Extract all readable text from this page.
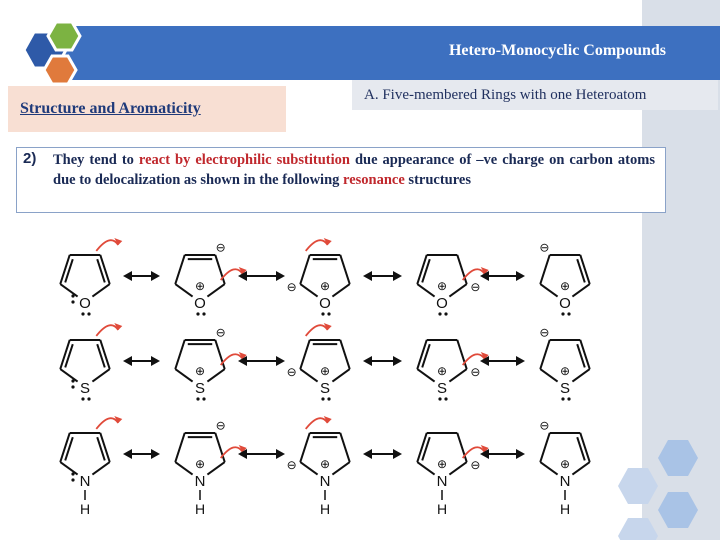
Hetero-Monocyclic Compounds
Structure and Aromaticity
A. Five-membered Rings with one Heteroatom
2) They tend to react by electrophilic substitution due appearance of –ve charge on carbon atoms due to delocalization as shown in the following resonance structures
O	O
⊕
⊖
O
⊕
⊖
O
⊕ ⊖
O
⊕
⊖
S	S
⊕
⊖
S
⊕
⊖
S
⊕ ⊖
S
⊕
⊖
N
H
N
H
⊕
⊖
N
H
⊕
⊖
N
H
⊕ ⊖
N
H
⊕
⊖
